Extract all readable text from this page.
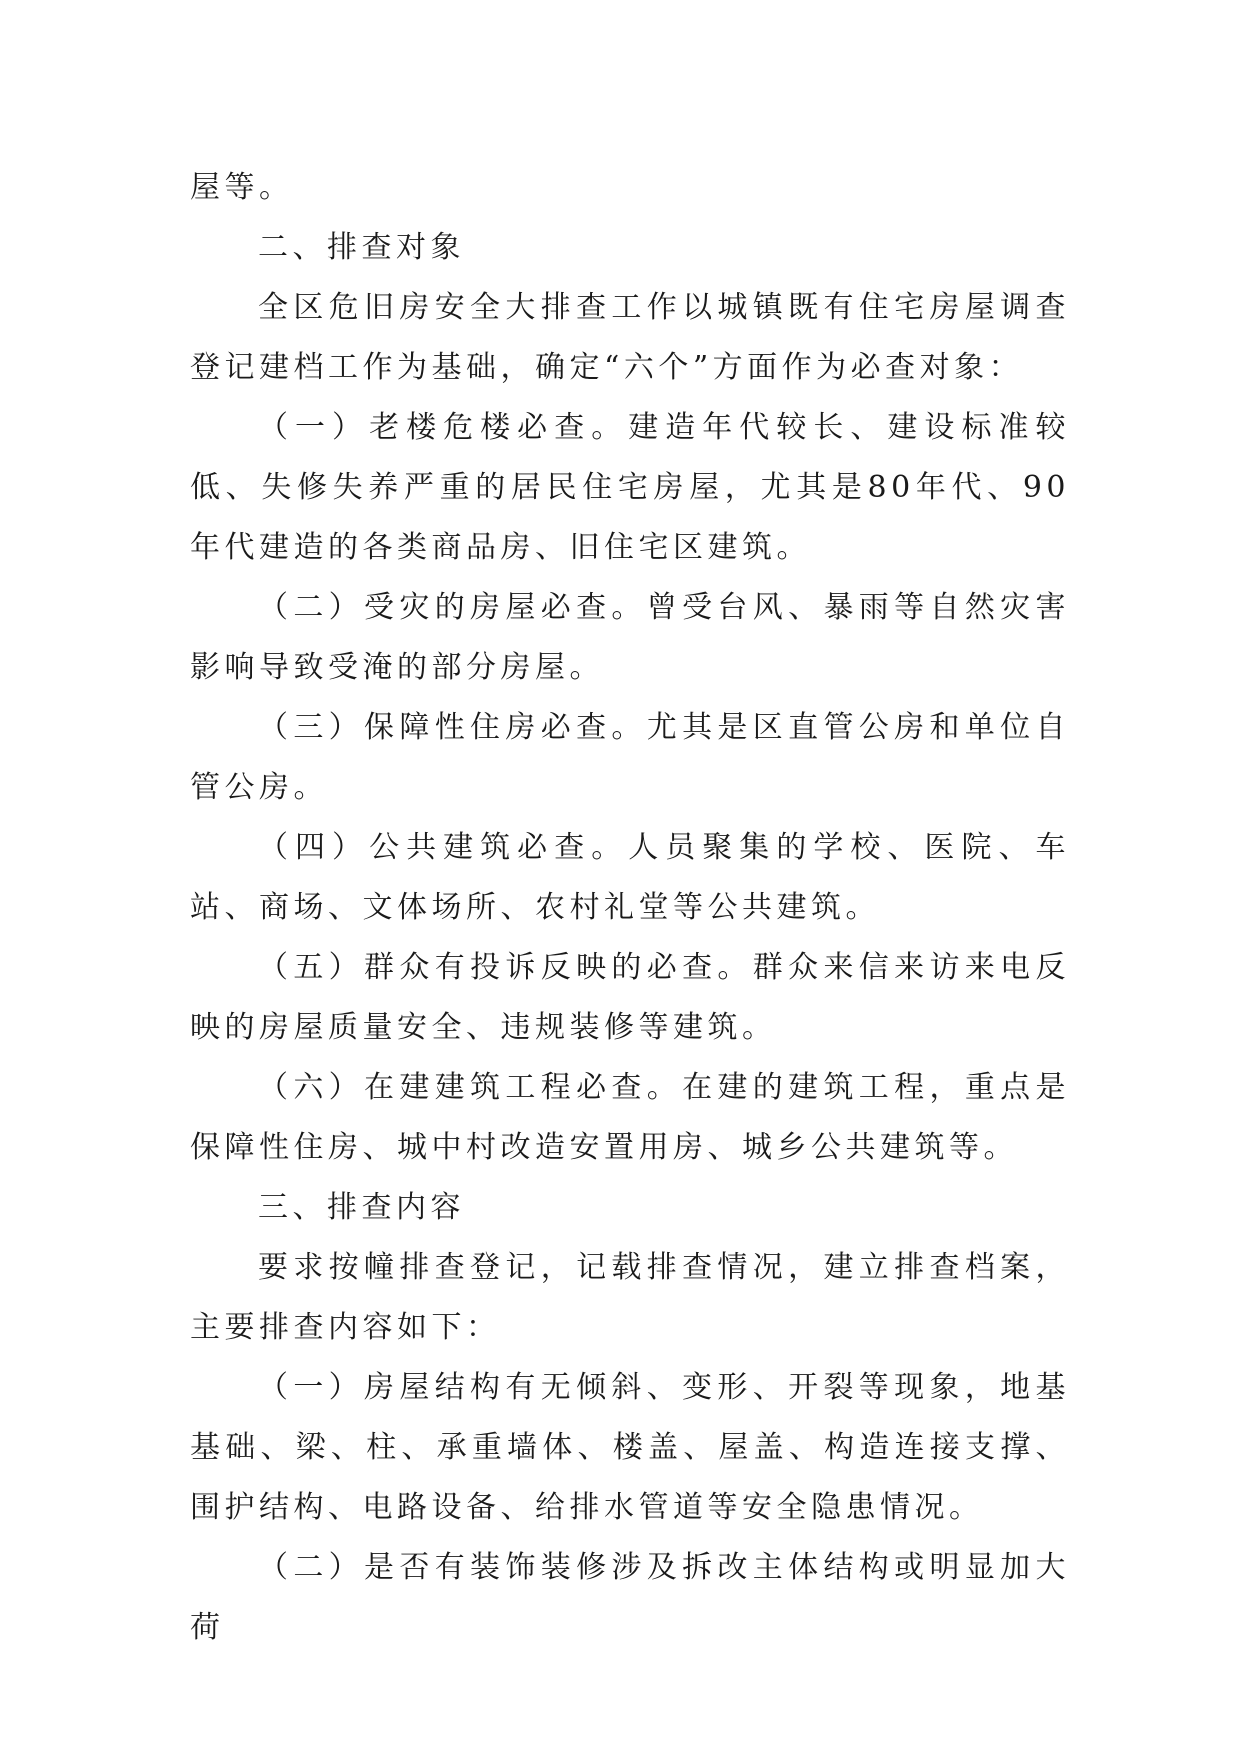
屋等。

二、排查对象

全区危旧房安全大排查工作以城镇既有住宅房屋调查登记建档工作为基础，确定“六个”方面作为必查对象：

（一）老楼危楼必查。建造年代较长、建设标准较低、失修失养严重的居民住宅房屋，尤其是80年代、90年代建造的各类商品房、旧住宅区建筑。

（二）受灾的房屋必查。曾受台风、暴雨等自然灾害影响导致受淹的部分房屋。

（三）保障性住房必查。尤其是区直管公房和单位自管公房。

（四）公共建筑必查。人员聚集的学校、医院、车站、商场、文体场所、农村礼堂等公共建筑。

（五）群众有投诉反映的必查。群众来信来访来电反映的房屋质量安全、违规装修等建筑。

（六）在建建筑工程必查。在建的建筑工程，重点是保障性住房、城中村改造安置用房、城乡公共建筑等。

三、排查内容

要求按幢排查登记，记载排查情况，建立排查档案，主要排查内容如下：

（一）房屋结构有无倾斜、变形、开裂等现象，地基基础、梁、柱、承重墙体、楼盖、屋盖、构造连接支撑、围护结构、电路设备、给排水管道等安全隐患情况。

（二）是否有装饰装修涉及拆改主体结构或明显加大荷
